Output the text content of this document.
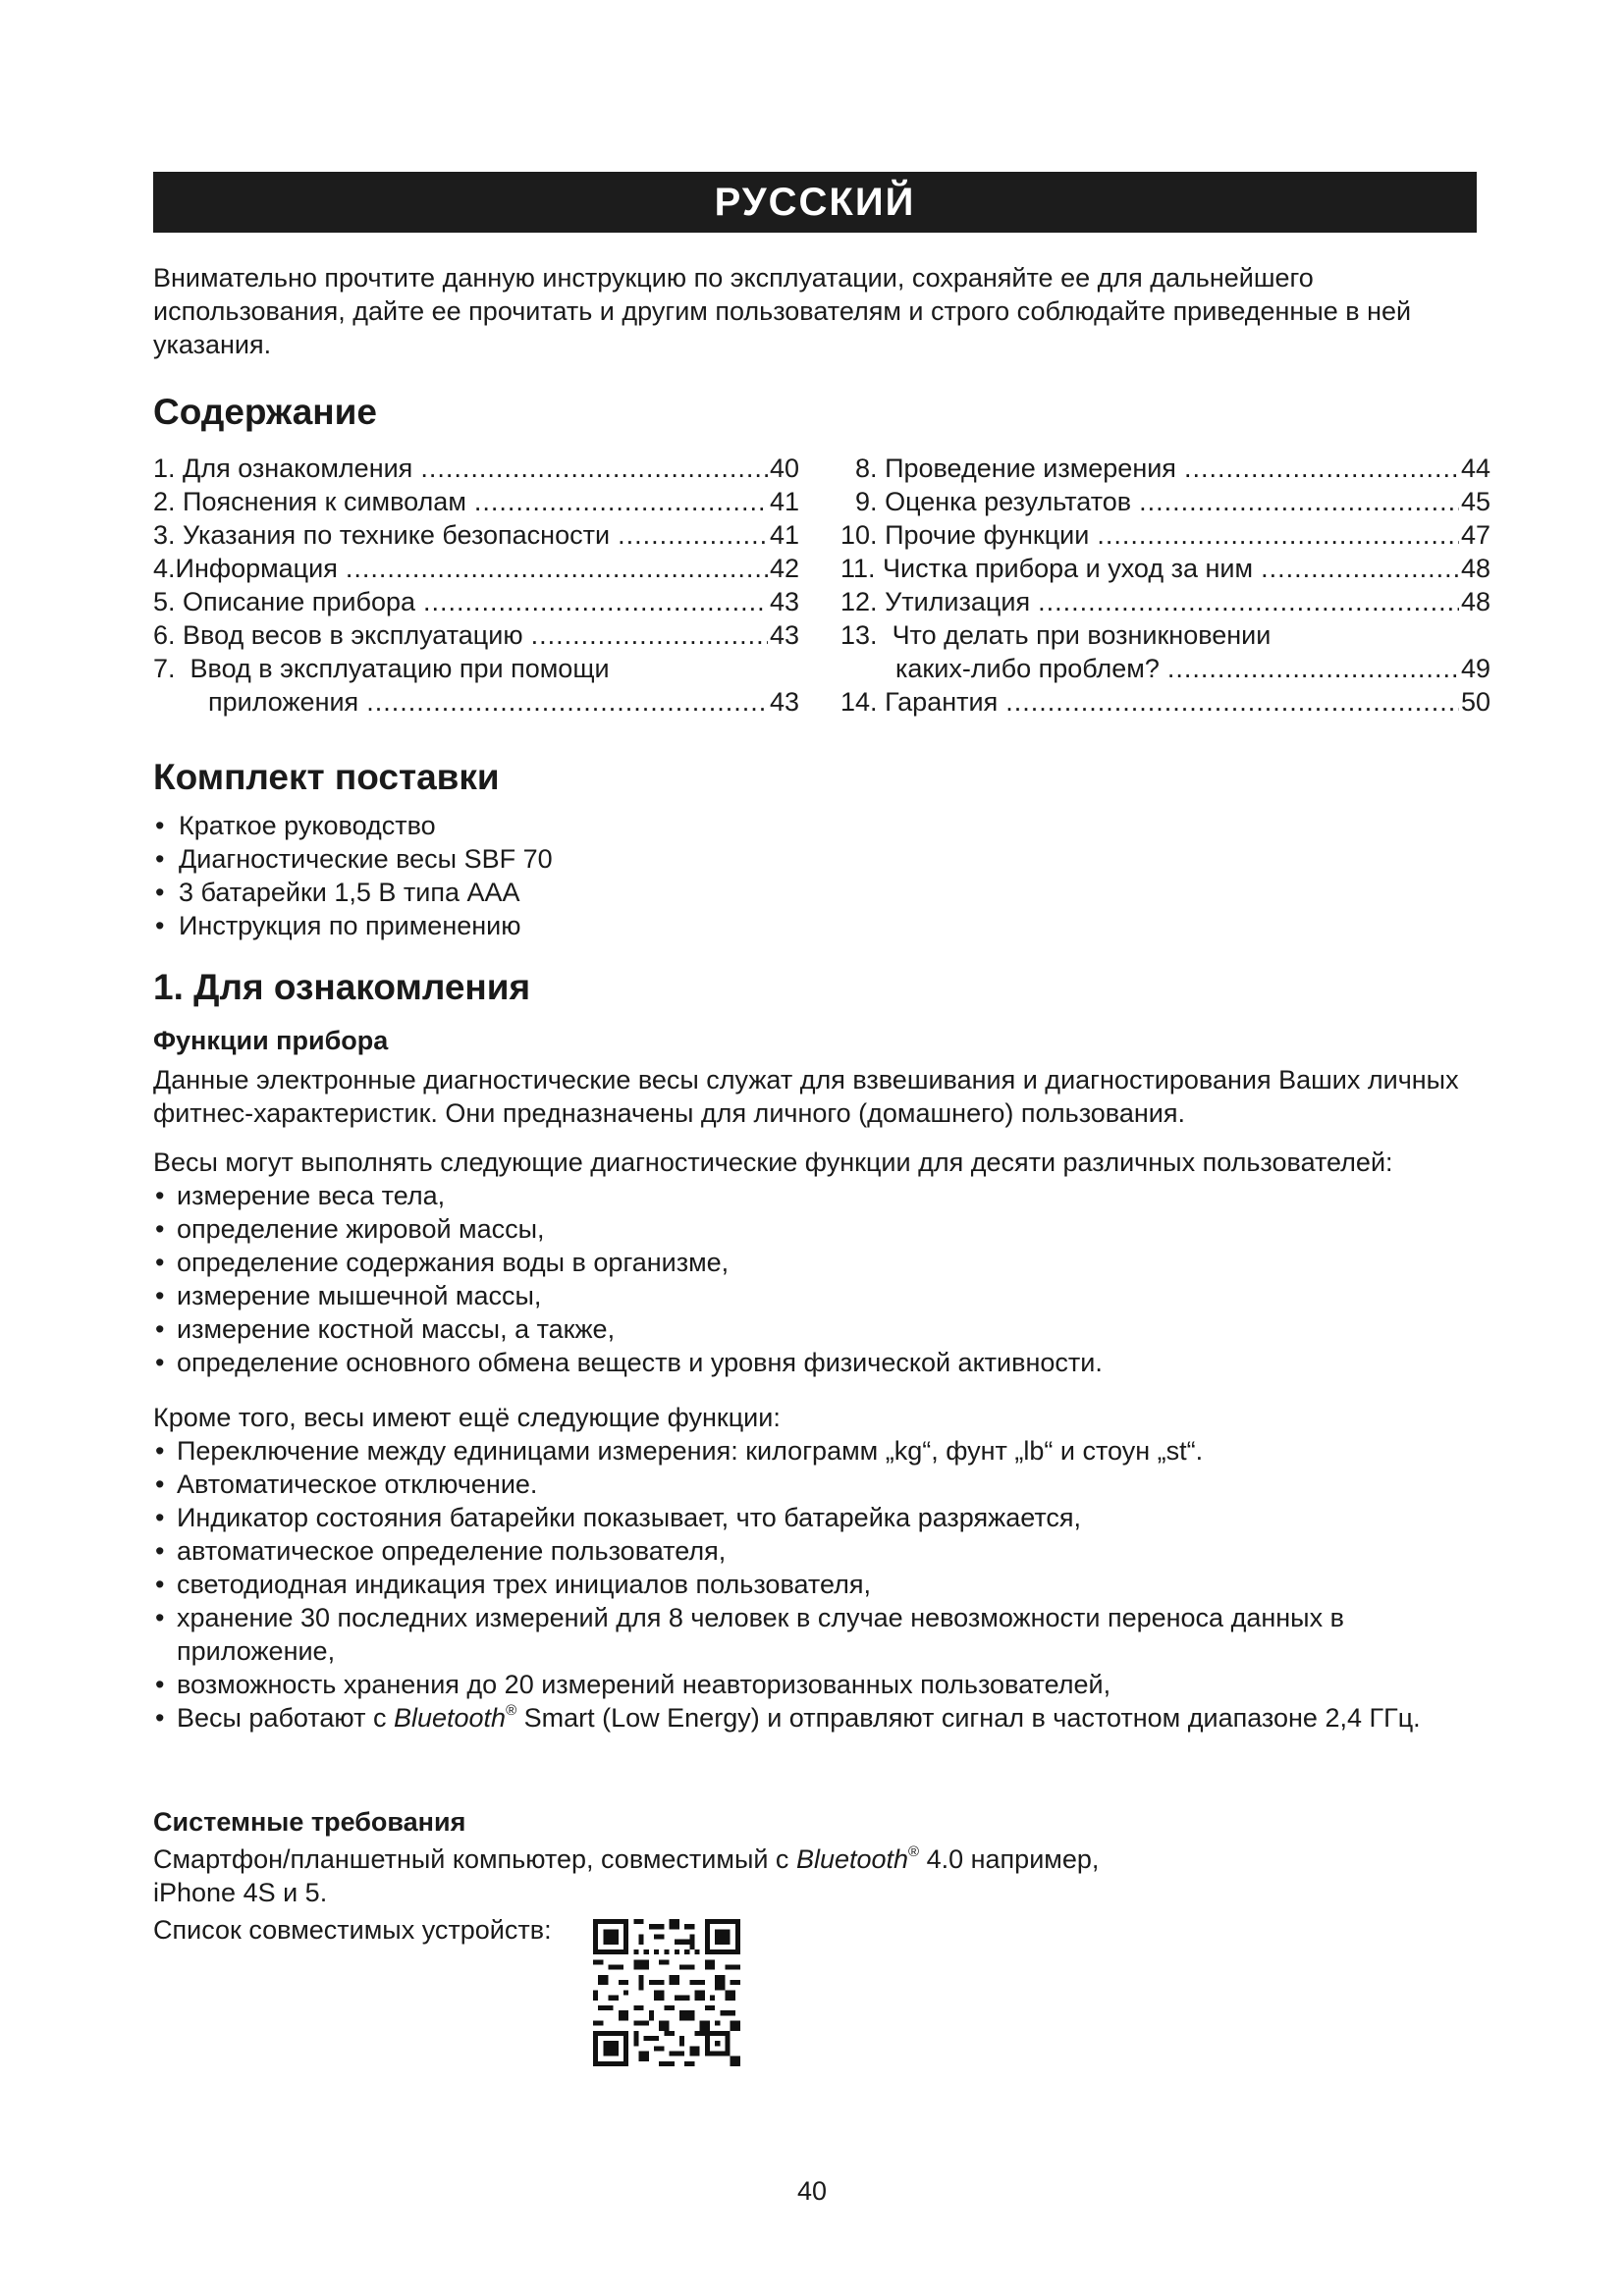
РУССКИЙ

Внимательно прочтите данную инструкцию по эксплуатации, сохраняйте ее для дальнейшего использования, дайте ее прочитать и другим пользователям и строго соблюдайте приведенные в ней указания.

Содержание
1.
Для ознакомления .....	40
2.
Пояснения к символам .....	41
3.
Указания по технике безопасности .....	41
4. Информация .....	42
5.
Описание прибора .....	43
6.
Ввод весов в эксплуатацию .....	43
7.
Ввод в эксплуатацию при помощи
приложения .....	43

8.
Проведение измерения .....	44

9.
Оценка результатов .....	45
10.
Прочие функции .....	47
11.
Чистка прибора и уход за ним .....	48
12.
Утилизация .....	48
13.
Что делать при возникновении
каких-либо проблем? .....	49
14.
Гарантия .....	50
Комплект поставки
• Краткое руководство
• Диагностические весы SBF 70
• 3 батарейки 1,5 В типа AAA
• Инструкция по применению
1. Для ознакомления
Функции прибора

Данные электронные диагностические весы служат для взвешивания и диагностирования Ваших личных фитнес-характеристик. Они предназначены для личного (домашнего) пользования.

Весы могут выполнять следующие диагностические функции для десяти различных пользователей:

• измерение веса тела,
• определение жировой массы,
• определение содержания воды в организме,
• измерение мышечной массы,
• измерение костной массы, а также,
• определение основного обмена веществ и уровня физической активности.

Кроме того, весы имеют ещё следующие функции:

• Переключение между единицами измерения: килограмм „kg“, фунт „lb“ и стоун „st“.
• Автоматическое отключение.
• Индикатор состояния батарейки показывает, что батарейка разряжается,
• автоматическое определение пользователя,
• светодиодная индикация трех инициалов пользователя,
• хранение 30 последних измерений для 8 человек в случае невозможности переноса данных в приложение,
• возможность хранения до 20 измерений неавторизованных пользователей,
• Весы работают с Bluetooth® Smart (Low Energy) и отправляют сигнал в частотном диапазоне 2,4 ГГц.
Системные требования

Смартфон/планшетный компьютер, совместимый с Bluetooth® 4.0 например,

iPhone 4S и 5.

Список совместимых устройств:

40
